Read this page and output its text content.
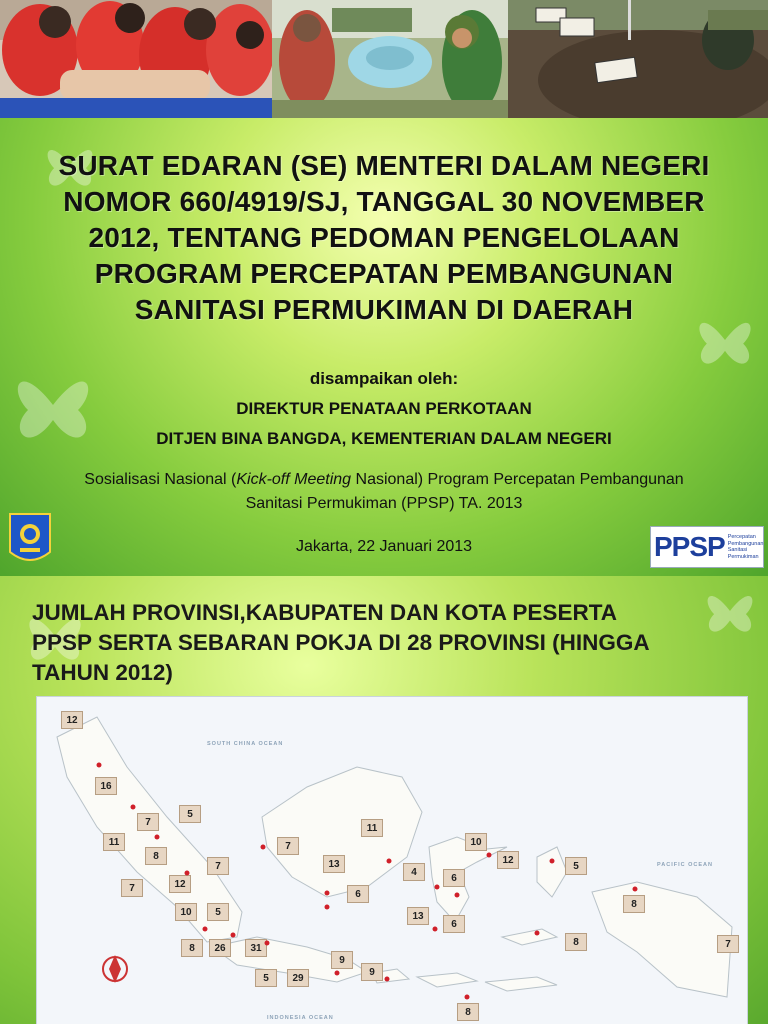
SURAT EDARAN (SE) MENTERI DALAM NEGERI
NOMOR 660/4919/SJ, TANGGAL 30 NOVEMBER
2012, TENTANG PEDOMAN PENGELOLAAN
PROGRAM PERCEPATAN PEMBANGUNAN
SANITASI PERMUKIMAN DI DAERAH
disampaikan oleh:
DIREKTUR PENATAAN PERKOTAAN
DITJEN BINA BANGDA, KEMENTERIAN DALAM NEGERI
Sosialisasi Nasional (Kick-off Meeting Nasional) Program Percepatan Pembangunan
Sanitasi Permukiman (PPSP) TA. 2013
Jakarta, 22 Januari 2013	PPSP Percepatan
Pembangunan
Sanitasi
Permukiman
JUMLAH PROVINSI,KABUPATEN DAN KOTA PESERTA
PPSP SERTA SEBARAN POKJA DI 28 PROVINSI (HINGGA
TAHUN 2012)
SOUTH CHINA OCEAN
PACIFIC OCEAN
INDONESIA OCEAN
12
16
7
5
11
8
7
7
12
10	5
8	26	31
5	29
9
9
7
11
13
6
4
6
13
6
10
12
5
8
8	7
8
